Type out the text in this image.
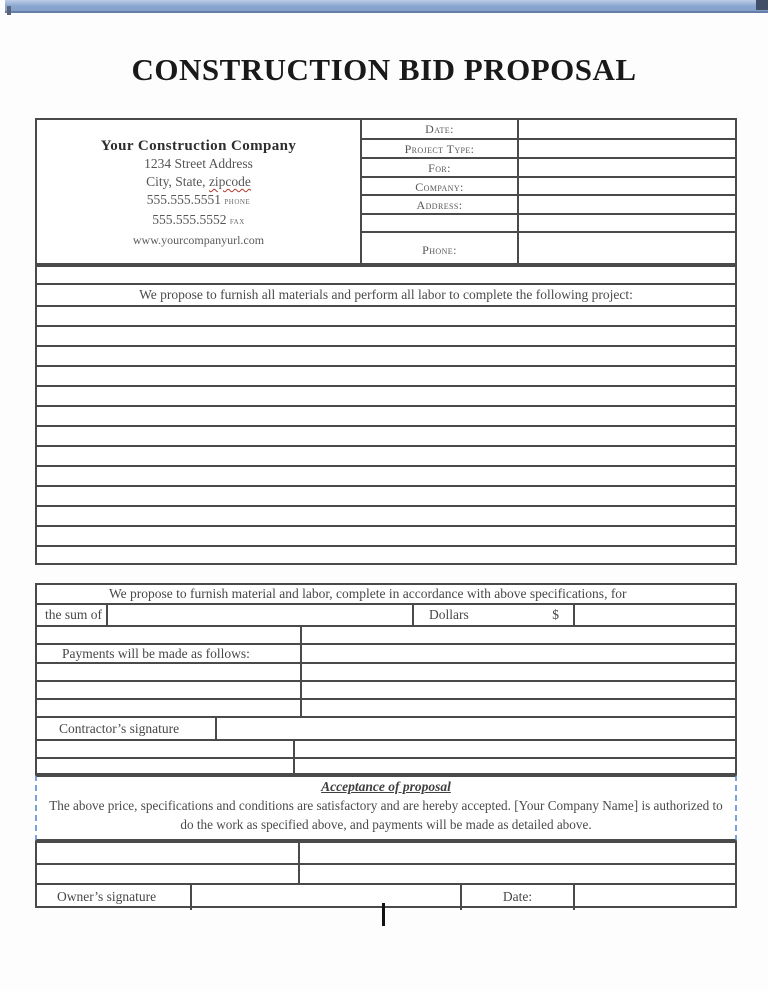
CONSTRUCTION BID PROPOSAL
Your Construction Company
1234 Street Address
City, State, zipcode
555.555.5551 phone
555.555.5552 fax
www.yourcompanyurl.com
Date:
Project Type:
For:
Company:
Address:
Phone:
We propose to furnish all materials and perform all labor to complete the following project:
We propose to furnish material and labor, complete in accordance with above specifications, for
the sum of	Dollars	$
Payments will be made as follows:
Contractor’s signature
Acceptance of proposal
The above price, specifications and conditions are satisfactory and are hereby accepted. [Your Company Name] is authorized to do the work as specified above, and payments will be made as detailed above.
Owner’s signature	Date:
